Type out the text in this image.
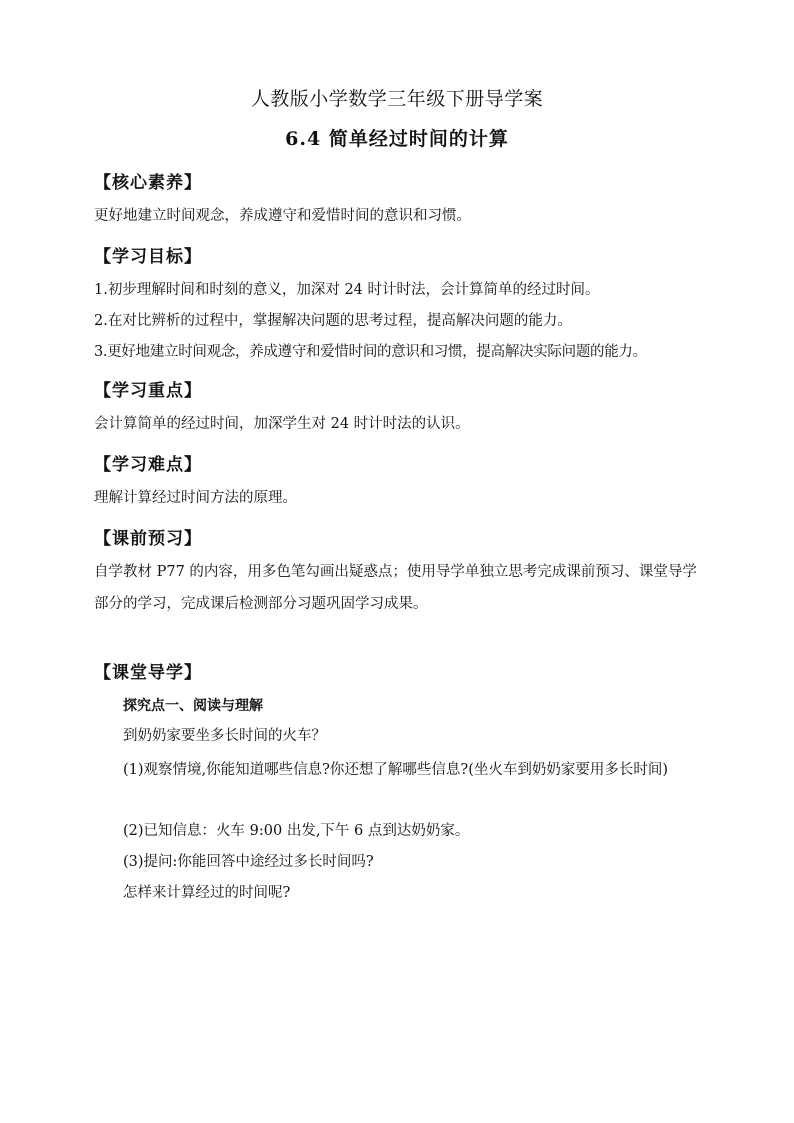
人教版小学数学三年级下册导学案
6.4 简单经过时间的计算
【核心素养】
更好地建立时间观念，养成遵守和爱惜时间的意识和习惯。
【学习目标】
1.初步理解时间和时刻的意义，加深对 24 时计时法，会计算简单的经过时间。
2.在对比辨析的过程中，掌握解决问题的思考过程，提高解决问题的能力。
3.更好地建立时间观念，养成遵守和爱惜时间的意识和习惯，提高解决实际问题的能力。
【学习重点】
会计算简单的经过时间，加深学生对 24 时计时法的认识。
【学习难点】
理解计算经过时间方法的原理。
【课前预习】
自学教材 P77 的内容，用多色笔勾画出疑惑点；使用导学单独立思考完成课前预习、课堂导学部分的学习，完成课后检测部分习题巩固学习成果。
【课堂导学】
探究点一、阅读与理解
到奶奶家要坐多长时间的火车？
(1)观察情境,你能知道哪些信息?你还想了解哪些信息?(坐火车到奶奶家要用多长时间)
(2)已知信息：火车 9:00 出发,下午 6 点到达奶奶家。
(3)提问:你能回答中途经过多长时间吗?
怎样来计算经过的时间呢?
